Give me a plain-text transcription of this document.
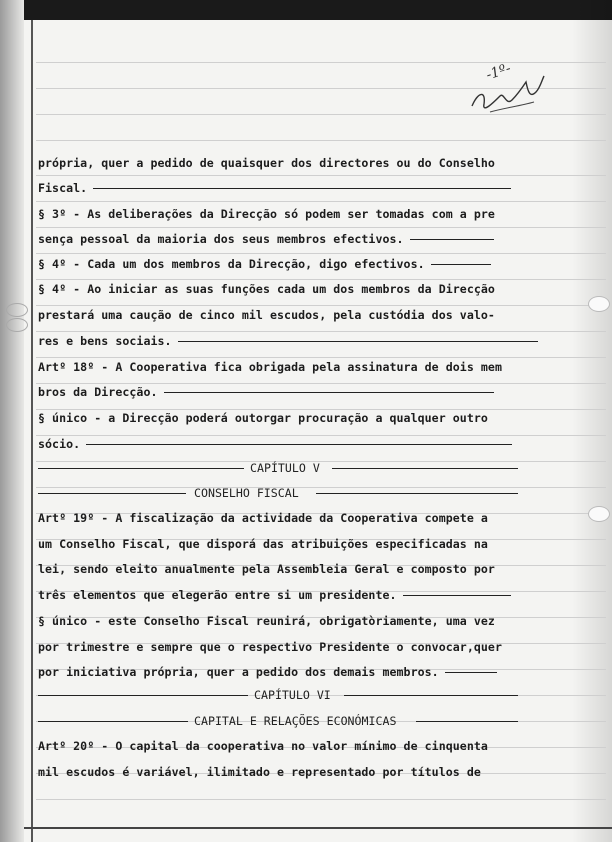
-1º-
própria, quer a pedido de quaisquer dos directores ou do Conselho
Fiscal.
§ 3º - As deliberações da Direcção só podem ser tomadas com a pre
sença pessoal da maioria dos seus membros efectivos.
§ 4º - Cada um dos membros da Direcção, digo efectivos.
§ 4º - Ao iniciar as suas funções cada um dos membros da Direcção
prestará uma caução de cinco mil escudos, pela custódia dos valo-
res e bens sociais.
Artº 18º - A Cooperativa fica obrigada pela assinatura de dois mem
bros da Direcção.
§ único - a Direcção poderá outorgar procuração a qualquer outro
sócio.
CAPÍTULO V
CONSELHO FISCAL
Artº 19º - A fiscalização da actividade da Cooperativa compete a
um Conselho Fiscal, que disporá das atribuições especificadas na
lei, sendo eleito anualmente pela Assembleia Geral e composto por
três elementos que elegerão entre si um presidente.
§ único - este Conselho Fiscal reunirá, obrigatòriamente, uma vez
por trimestre e sempre que o respectivo Presidente o convocar,quer
por iniciativa própria, quer a pedido dos demais membros.
CAPÍTULO VI
CAPITAL E RELAÇÕES ECONÓMICAS
Artº 20º - O capital da cooperativa no valor mínimo de cinquenta
mil escudos é variável, ilimitado e representado por títulos de
